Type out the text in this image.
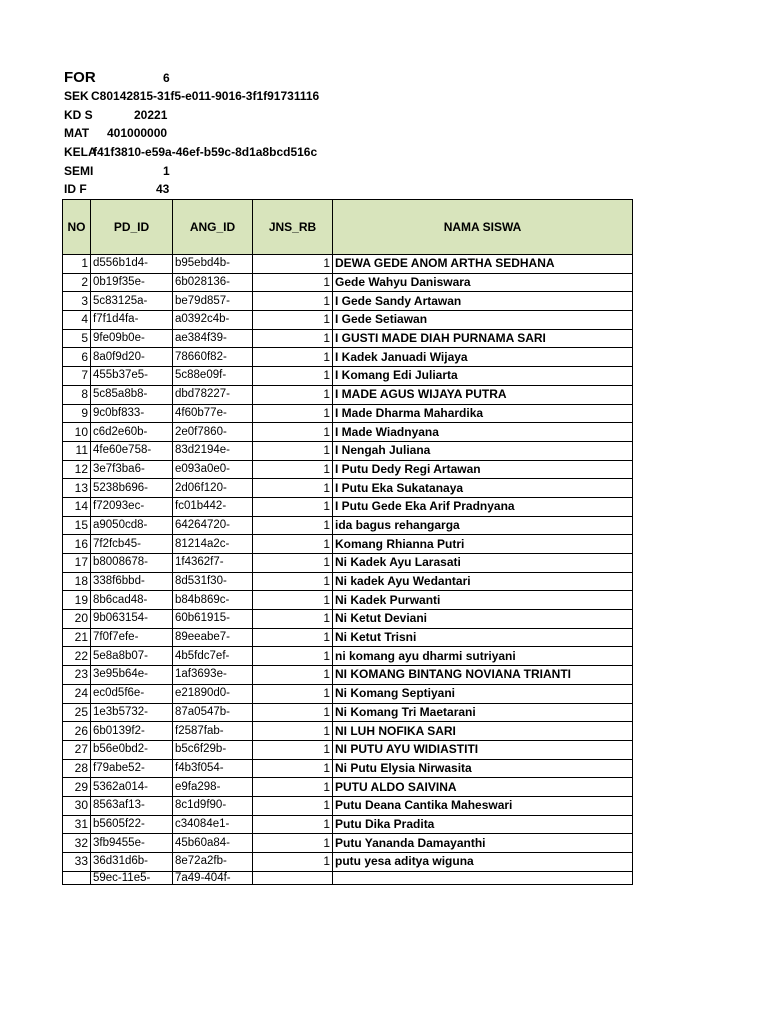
FOR	6
SEK C80142815-31f5-e011-9016-3f1f91731116
KD S	20221
MAT 401000000
KELA
f41f3810-e59a-46ef-b59c-8d1a8bcd516c
SEMI	1
ID F	43
NO	PD_ID	ANG_ID	JNS_RB	NAMA SISWA
1	d556b1d4-	b95ebd4b-	1	DEWA GEDE ANOM ARTHA SEDHANA
2	0b19f35e-	6b028136-	1	Gede Wahyu Daniswara
3	5c83125a-	be79d857-	1	I Gede Sandy Artawan
4	f7f1d4fa-	a0392c4b-	1	I Gede Setiawan
5	9fe09b0e-	ae384f39-	1	I GUSTI MADE DIAH PURNAMA SARI
6	8a0f9d20-	78660f82-	1	I Kadek Januadi Wijaya
7	455b37e5-	5c88e09f-	1	I Komang Edi Juliarta
8	5c85a8b8-	dbd78227-	1	I MADE AGUS WIJAYA PUTRA
9	9c0bf833-	4f60b77e-	1	I Made Dharma Mahardika
10	c6d2e60b-	2e0f7860-	1	I Made Wiadnyana
11	4fe60e758-	83d2194e-	1	I Nengah Juliana
12	3e7f3ba6-	e093a0e0-	1	I Putu Dedy Regi Artawan
13	5238b696-	2d06f120-	1	I Putu Eka Sukatanaya
14	f72093ec-	fc01b442-	1	I Putu Gede Eka Arif Pradnyana
15	a9050cd8-	64264720-	1	ida bagus rehangarga
16	7f2fcb45-	81214a2c-	1	Komang Rhianna Putri
17	b8008678-	1f4362f7-	1	Ni Kadek Ayu Larasati
18	338f6bbd-	8d531f30-	1	Ni kadek Ayu Wedantari
19	8b6cad48-	b84b869c-	1	Ni Kadek Purwanti
20	9b063154-	60b61915-	1	Ni Ketut Deviani
21	7f0f7efe-	89eeabe7-	1	Ni Ketut Trisni
22	5e8a8b07-	4b5fdc7ef-	1	ni komang ayu dharmi sutriyani
23	3e95b64e-	1af3693e-	1	NI KOMANG BINTANG NOVIANA TRIANTI
24	ec0d5f6e-	e21890d0-	1	Ni Komang Septiyani
25	1e3b5732-	87a0547b-	1	Ni Komang Tri Maetarani
26	6b0139f2-	f2587fab-	1	NI LUH NOFIKA SARI
27	b56e0bd2-	b5c6f29b-	1	NI PUTU AYU WIDIASTITI
28	f79abe52-	f4b3f054-	1	Ni Putu Elysia Nirwasita
29	5362a014-	e9fa298-	1	PUTU ALDO SAIVINA
30	8563af13-	8c1d9f90-	1	Putu Deana Cantika Maheswari
31	b5605f22-	c34084e1-	1	Putu Dika Pradita
32	3fb9455e-	45b60a84-	1	Putu Yananda Damayanthi
33	36d31d6b-	8e72a2fb-	1	putu yesa aditya wiguna
	59ec-11e5-	7a49-404f-		
